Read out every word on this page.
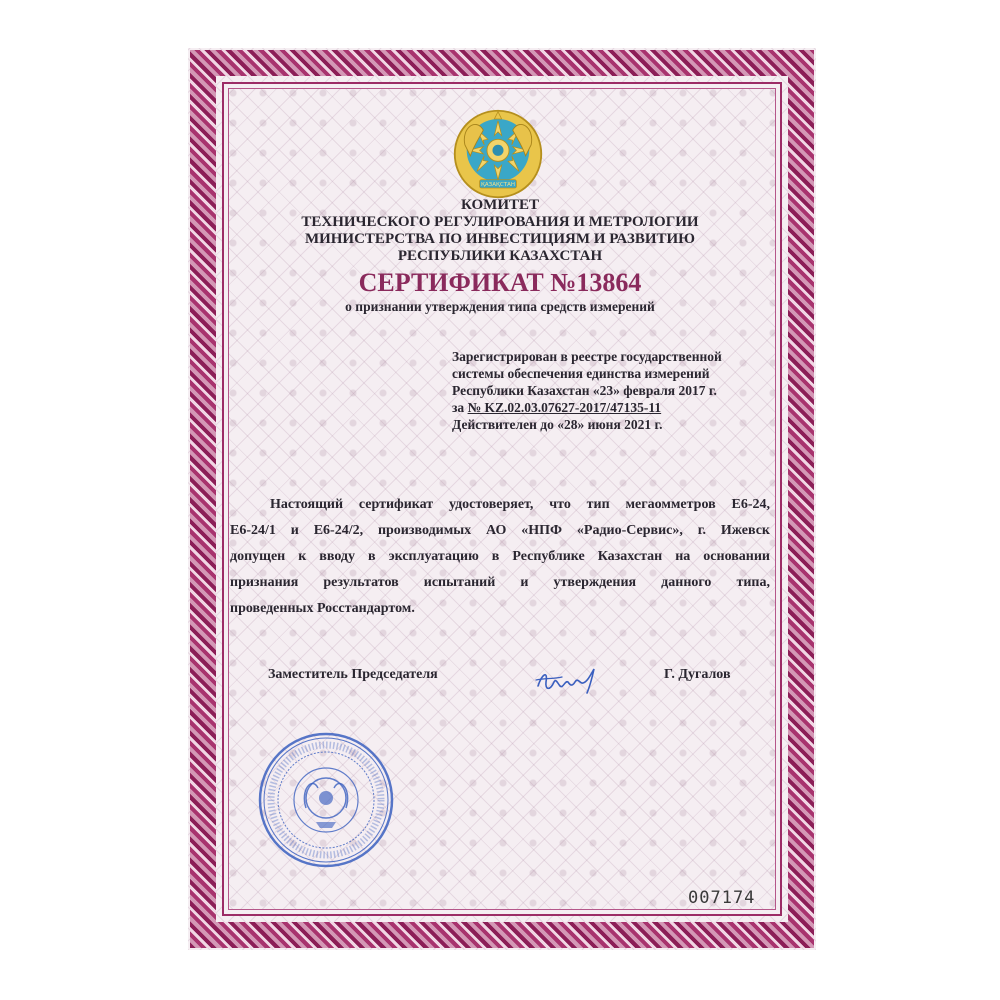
ҚАЗАҚСТАН
КОМИТЕТ
ТЕХНИЧЕСКОГО РЕГУЛИРОВАНИЯ И МЕТРОЛОГИИ
МИНИСТЕРСТВА ПО ИНВЕСТИЦИЯМ И РАЗВИТИЮ
РЕСПУБЛИКИ КАЗАХСТАН
СЕРТИФИКАТ №13864
о признании утверждения типа средств измерений
Зарегистрирован в реестре государственной
системы обеспечения единства измерений
Республики Казахстан «23» февраля 2017 г.
за № KZ.02.03.07627-2017/47135-11
Действителен до «28» июня 2021 г.
Настоящий сертификат удостоверяет, что тип мегаомметров Е6-24,
Е6-24/1 и Е6-24/2, производимых АО «НПФ «Радио-Сервис», г. Ижевск
допущен к вводу в эксплуатацию в Республике Казахстан на основании
признания результатов испытаний и утверждения данного типа,
проведенных Росстандартом.
Заместитель Председателя	Г. Дугалов
007174
